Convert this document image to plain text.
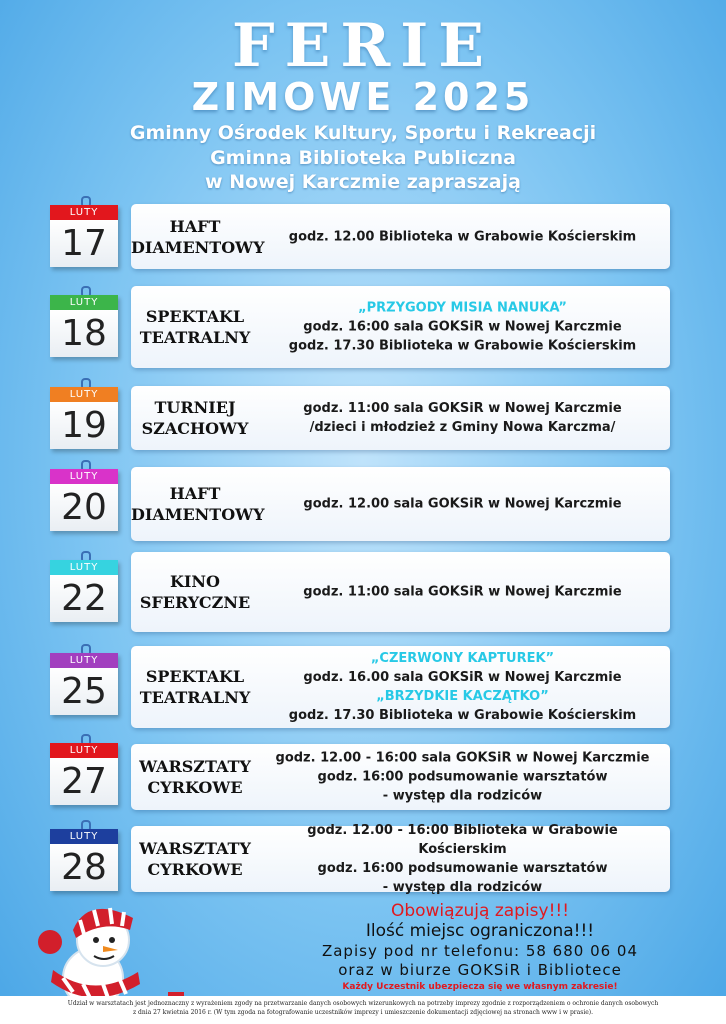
FERIE
ZIMOWE 2025
Gminny Ośrodek Kultury, Sportu i Rekreacji
Gminna Biblioteka Publiczna
w Nowej Karczmie zapraszają
LUTY
17	HAFT
DIAMENTOWY
godz. 12.00 Biblioteka w Grabowie Kościerskim
LUTY
18	SPEKTAKL
TEATRALNY
„PRZYGODY MISIA NANUKA”
godz. 16:00 sala GOKSiR w Nowej Karczmie
godz. 17.30 Biblioteka w Grabowie Kościerskim
LUTY
19	TURNIEJ
SZACHOWY
godz. 11:00 sala GOKSiR w Nowej Karczmie
/dzieci i młodzież z Gminy Nowa Karczma/
LUTY
20	HAFT
DIAMENTOWY
godz. 12.00 sala GOKSiR w Nowej Karczmie
LUTY
22	KINO
SFERYCZNE
godz. 11:00 sala GOKSiR w Nowej Karczmie
LUTY
25	SPEKTAKL
TEATRALNY
„CZERWONY KAPTUREK”
godz. 16.00 sala GOKSiR w Nowej Karczmie
„BRZYDKIE KACZĄTKO”
godz. 17.30 Biblioteka w Grabowie Kościerskim
LUTY
27	WARSZTATY
CYRKOWE
godz. 12.00 - 16:00 sala GOKSiR w Nowej Karczmie
godz. 16:00 podsumowanie warsztatów
- występ dla rodziców
LUTY
28	WARSZTATY
CYRKOWE
godz. 12.00 - 16:00 Biblioteka w Grabowie Kościerskim
godz. 16:00 podsumowanie warsztatów
- występ dla rodziców
Obowiązują zapisy!!!
Ilość miejsc ograniczona!!!
Zapisy pod nr telefonu: 58 680 06 04
oraz w biurze GOKSiR i Bibliotece
Każdy Uczestnik ubezpiecza się we własnym zakresie!
Udział w warsztatach jest jednoznaczny z wyrażeniem zgody na przetwarzanie danych osobowych wizerunkowych na potrzeby imprezy zgodnie z rozporządzeniem o ochronie danych osobowych
z dnia 27 kwietnia 2016 r. (W tym zgoda na fotografowanie uczestników imprezy i umieszczenie dokumentacji zdjęciowej na stronach www i w prasie).
